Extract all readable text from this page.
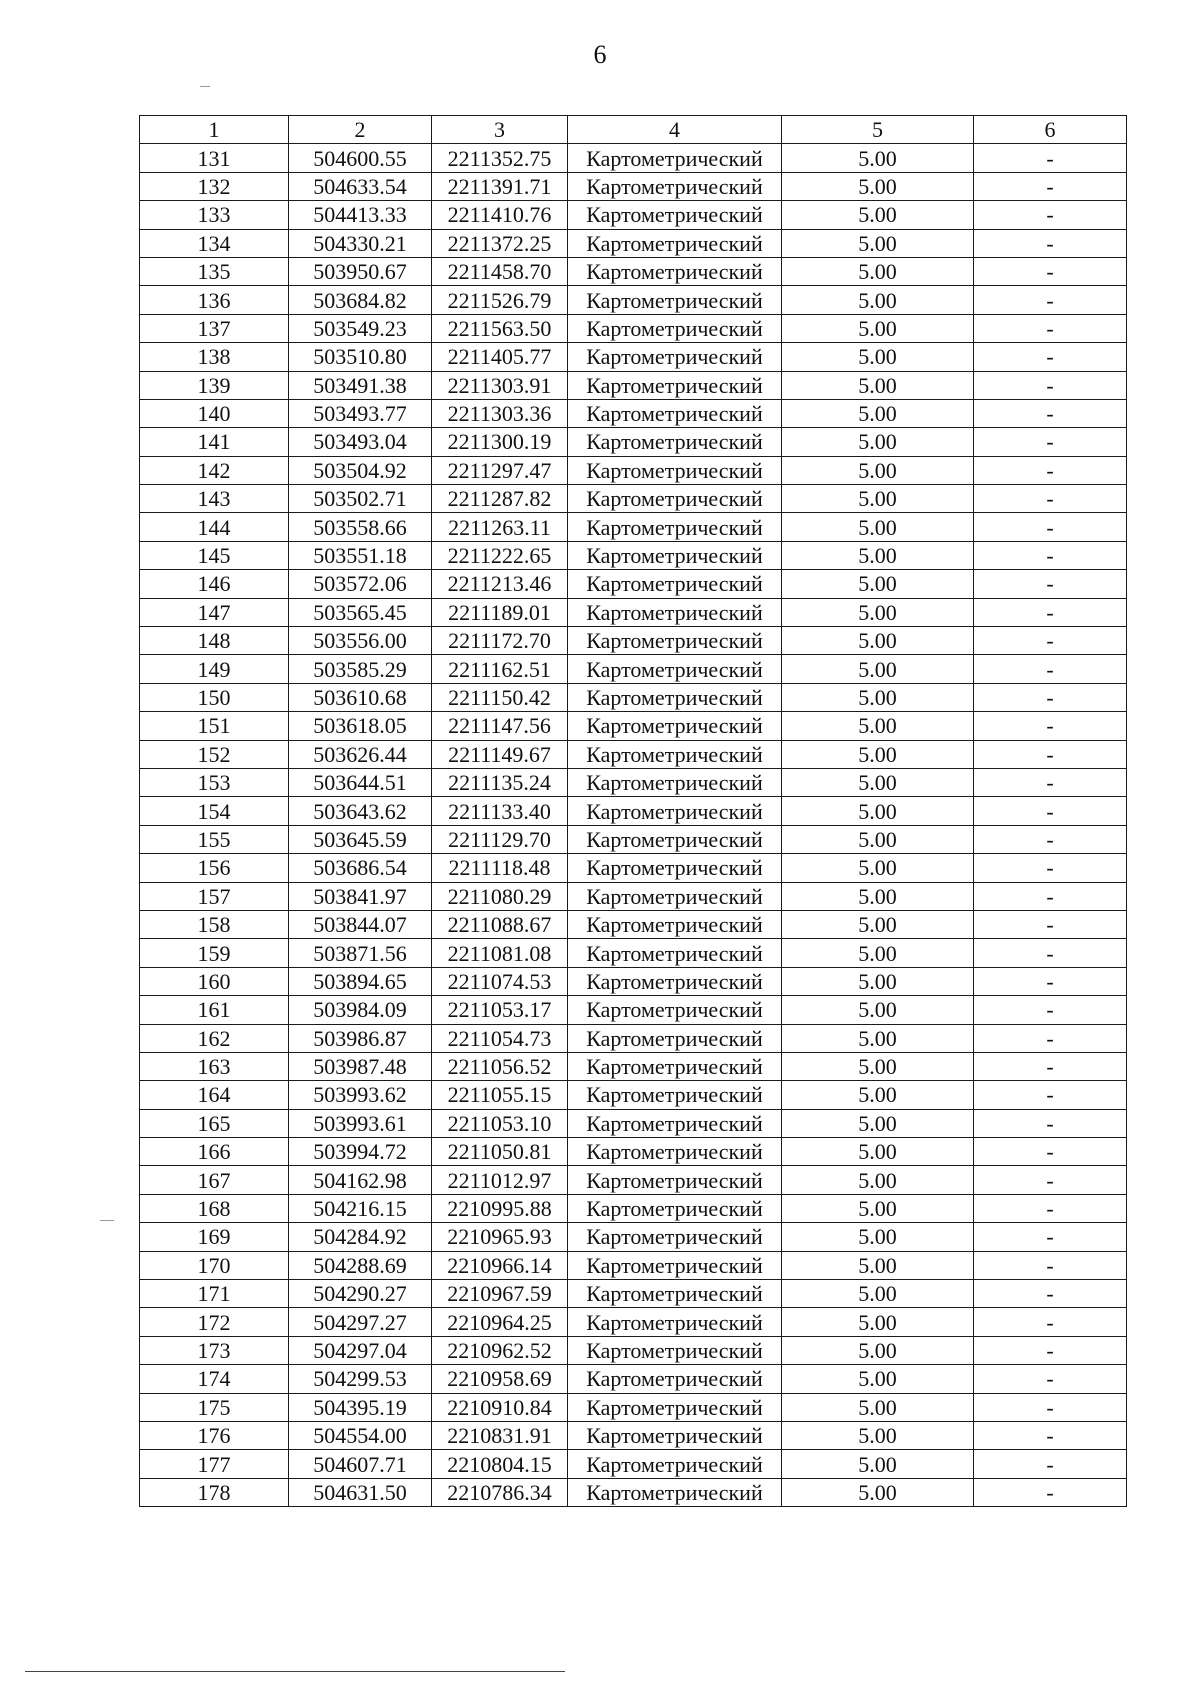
6
1	2	3	4	5	6
131	504600.55	2211352.75	Картометрический	5.00	-
132	504633.54	2211391.71	Картометрический	5.00	-
133	504413.33	2211410.76	Картометрический	5.00	-
134	504330.21	2211372.25	Картометрический	5.00	-
135	503950.67	2211458.70	Картометрический	5.00	-
136	503684.82	2211526.79	Картометрический	5.00	-
137	503549.23	2211563.50	Картометрический	5.00	-
138	503510.80	2211405.77	Картометрический	5.00	-
139	503491.38	2211303.91	Картометрический	5.00	-
140	503493.77	2211303.36	Картометрический	5.00	-
141	503493.04	2211300.19	Картометрический	5.00	-
142	503504.92	2211297.47	Картометрический	5.00	-
143	503502.71	2211287.82	Картометрический	5.00	-
144	503558.66	2211263.11	Картометрический	5.00	-
145	503551.18	2211222.65	Картометрический	5.00	-
146	503572.06	2211213.46	Картометрический	5.00	-
147	503565.45	2211189.01	Картометрический	5.00	-
148	503556.00	2211172.70	Картометрический	5.00	-
149	503585.29	2211162.51	Картометрический	5.00	-
150	503610.68	2211150.42	Картометрический	5.00	-
151	503618.05	2211147.56	Картометрический	5.00	-
152	503626.44	2211149.67	Картометрический	5.00	-
153	503644.51	2211135.24	Картометрический	5.00	-
154	503643.62	2211133.40	Картометрический	5.00	-
155	503645.59	2211129.70	Картометрический	5.00	-
156	503686.54	2211118.48	Картометрический	5.00	-
157	503841.97	2211080.29	Картометрический	5.00	-
158	503844.07	2211088.67	Картометрический	5.00	-
159	503871.56	2211081.08	Картометрический	5.00	-
160	503894.65	2211074.53	Картометрический	5.00	-
161	503984.09	2211053.17	Картометрический	5.00	-
162	503986.87	2211054.73	Картометрический	5.00	-
163	503987.48	2211056.52	Картометрический	5.00	-
164	503993.62	2211055.15	Картометрический	5.00	-
165	503993.61	2211053.10	Картометрический	5.00	-
166	503994.72	2211050.81	Картометрический	5.00	-
167	504162.98	2211012.97	Картометрический	5.00	-
168	504216.15	2210995.88	Картометрический	5.00	-
169	504284.92	2210965.93	Картометрический	5.00	-
170	504288.69	2210966.14	Картометрический	5.00	-
171	504290.27	2210967.59	Картометрический	5.00	-
172	504297.27	2210964.25	Картометрический	5.00	-
173	504297.04	2210962.52	Картометрический	5.00	-
174	504299.53	2210958.69	Картометрический	5.00	-
175	504395.19	2210910.84	Картометрический	5.00	-
176	504554.00	2210831.91	Картометрический	5.00	-
177	504607.71	2210804.15	Картометрический	5.00	-
178	504631.50	2210786.34	Картометрический	5.00	-
